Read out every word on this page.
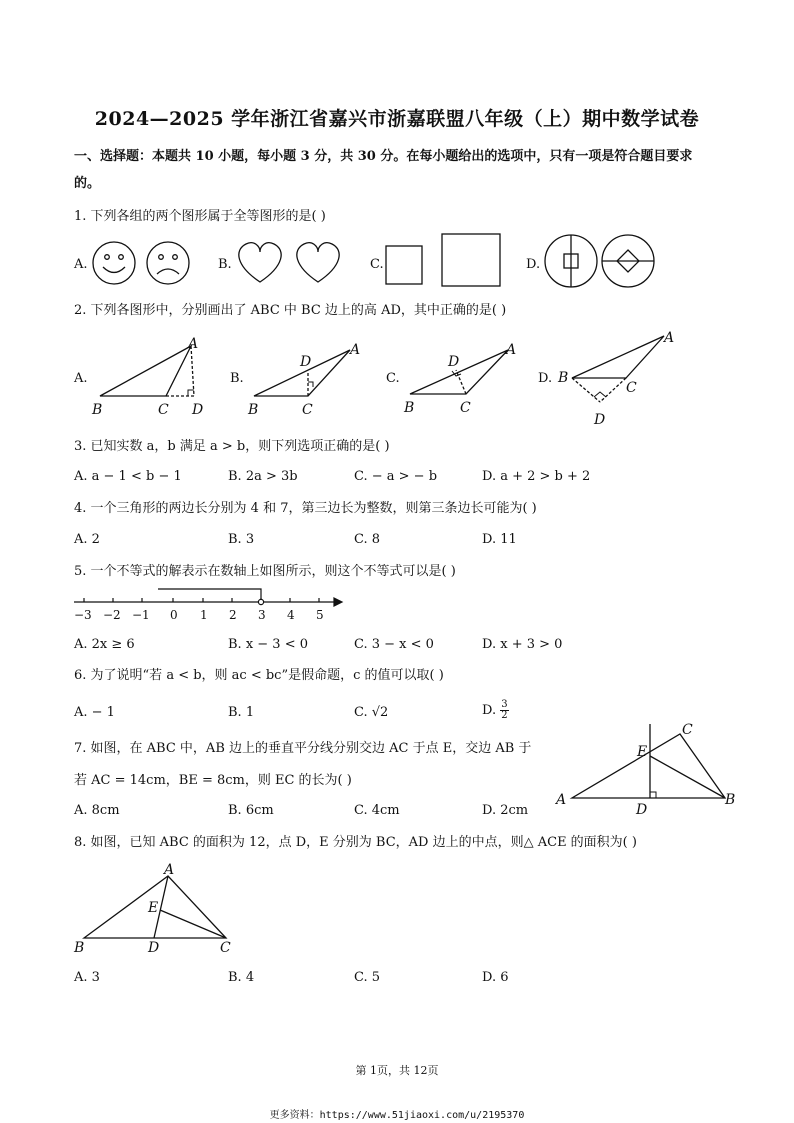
2024—2025 学年浙江省嘉兴市浙嘉联盟八年级（上）期中数学试卷
一、选择题：本题共 10 小题，每小题 3 分，共 30 分。在每小题给出的选项中，只有一项是符合题目要求
的。
1. 下列各组的两个图形属于全等图形的是( )
A.	B.	C.	D.
2. 下列各图形中，分别画出了 ABC 中 BC 边上的高 AD，其中正确的是( )
A.	B.	C.	D.
A
B	C D
A
D
B	C
A
D
B	C
A
B
C
D
3. 已知实数 a，b 满足 a > b，则下列选项正确的是( )
A. a − 1 < b − 1	B. 2a > 3b	C. − a > − b	D. a + 2 > b + 2
4. 一个三角形的两边长分别为 4 和 7，第三边长为整数，则第三条边长可能为( )
A. 2	B. 3	C. 8	D. 11
5. 一个不等式的解表示在数轴上如图所示，则这个不等式可以是( )
−3 −2 −1 0 1 2 3 4 5
A. 2x ≥ 6	B. x − 3 < 0	C. 3 − x < 0	D. x + 3 > 0
6. 为了说明“若 a < b，则 ac < bc”是假命题，c 的值可以取( )
A. − 1	B. 1	C. √2	D. $\frac{3}{2}$
7. 如图，在 ABC 中，AB 边上的垂直平分线分别交边 AC 于点 E，交边 AB 于
若 AC = 14cm，BE = 8cm，则 EC 的长为( )
A. 8cm	B. 6cm	C. 4cm	D. 2cm
C
E
A
D
B
8. 如图，已知 ABC 的面积为 12，点 D，E 分别为 BC，AD 边上的中点，则△ ACE 的面积为( )
A
E
B	D	C
A. 3	B. 4	C. 5	D. 6
第 1页，共 12页
更多资料：https://www.51jiaoxi.com/u/2195370
